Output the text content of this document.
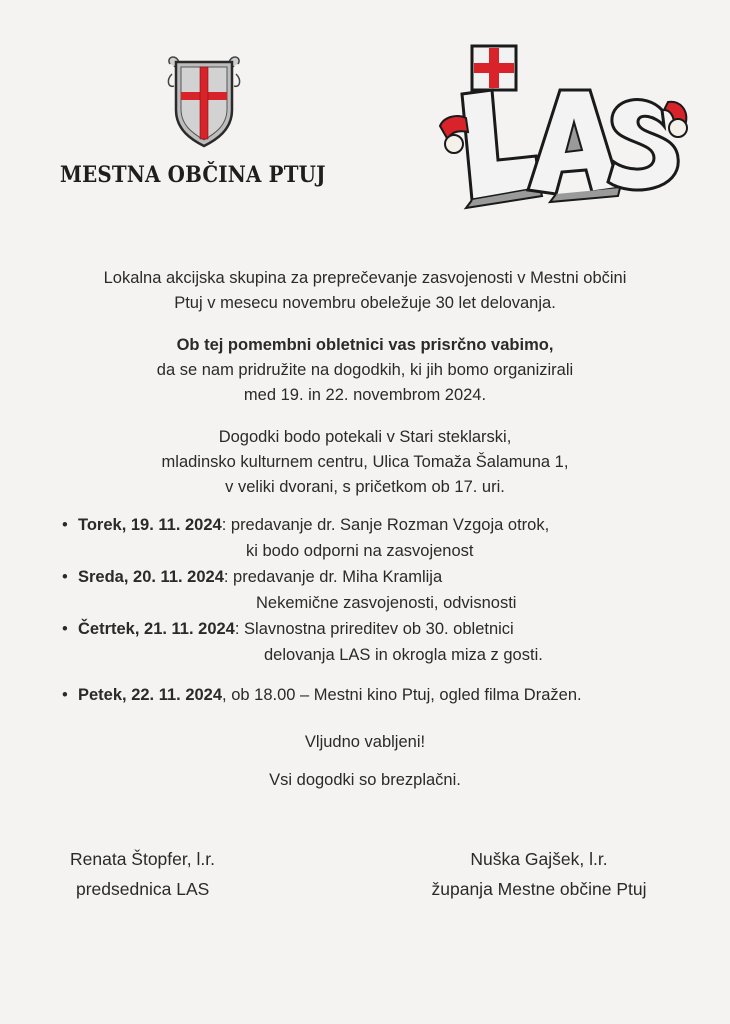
MESTNA OBČINA PTUJ
Lokalna akcijska skupina za preprečevanje zasvojenosti v Mestni občini
Ptuj v mesecu novembru obeležuje 30 let delovanja.
Ob tej pomembni obletnici vas prisrčno vabimo,
da se nam pridružite na dogodkih, ki jih bomo organizirali
med 19. in 22. novembrom 2024.
Dogodki bodo potekali v Stari steklarski,
mladinsko kulturnem centru, Ulica Tomaža Šalamuna 1,
v veliki dvorani, s pričetkom ob 17. uri.
• Torek, 19. 11. 2024: predavanje dr. Sanje Rozman Vzgoja otrok,
ki bodo odporni na zasvojenost
• Sreda, 20. 11. 2024: predavanje dr. Miha Kramlija
Nekemične zasvojenosti, odvisnosti
• Četrtek, 21. 11. 2024: Slavnostna prireditev ob 30. obletnici
delovanja LAS in okrogla miza z gosti.
• Petek, 22. 11. 2024, ob 18.00 – Mestni kino Ptuj, ogled filma Dražen.
Vljudno vabljeni!
Vsi dogodki so brezplačni.
Renata Štopfer, l.r.
predsednica LAS
Nuška Gajšek, l.r.
županja Mestne občine Ptuj
